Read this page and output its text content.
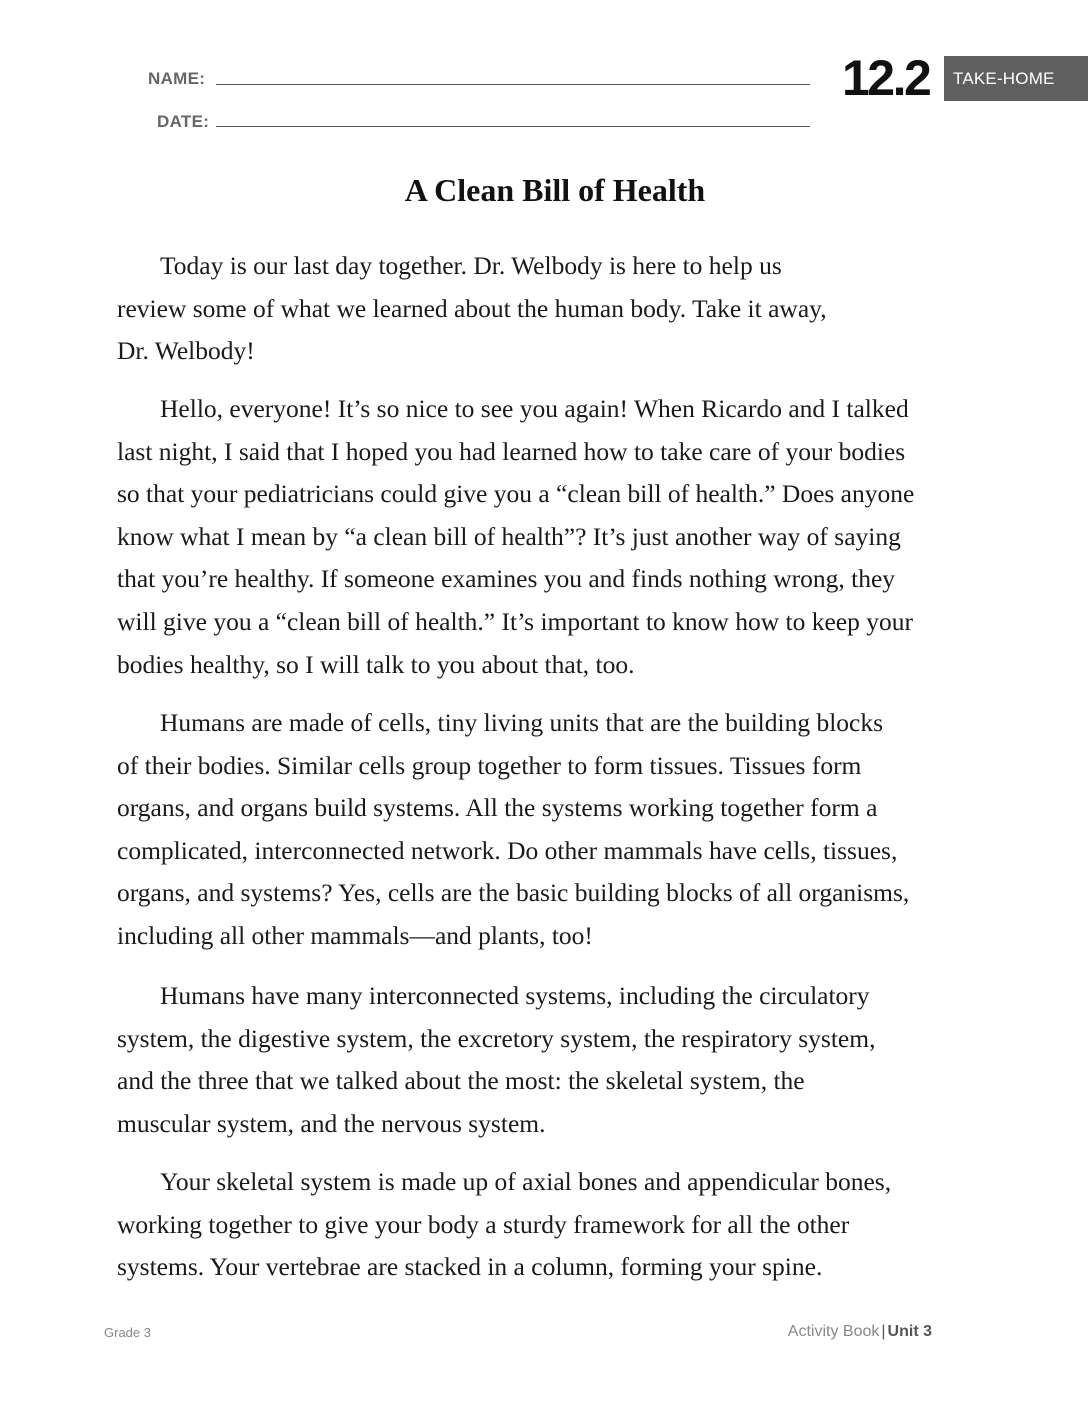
NAME:
DATE:
12.2	TAKE-HOME
A Clean Bill of Health

Today is our last day together. Dr. Welbody is here to help us
review some of what we learned about the human body. Take it away,
Dr. Welbody!

Hello, everyone! It’s so nice to see you again! When Ricardo and I talked
last night, I said that I hoped you had learned how to take care of your bodies
so that your pediatricians could give you a “clean bill of health.” Does anyone
know what I mean by “a clean bill of health”? It’s just another way of saying
that you’re healthy. If someone examines you and finds nothing wrong, they
will give you a “clean bill of health.” It’s important to know how to keep your
bodies healthy, so I will talk to you about that, too.

Humans are made of cells, tiny living units that are the building blocks
of their bodies. Similar cells group together to form tissues. Tissues form
organs, and organs build systems. All the systems working together form a
complicated, interconnected network. Do other mammals have cells, tissues,
organs, and systems? Yes, cells are the basic building blocks of all organisms,
including all other mammals—and plants, too!

Humans have many interconnected systems, including the circulatory
system, the digestive system, the excretory system, the respiratory system,
and the three that we talked about the most: the skeletal system, the
muscular system, and the nervous system.

Your skeletal system is made up of axial bones and appendicular bones,
working together to give your body a sturdy framework for all the other
systems. Your vertebrae are stacked in a column, forming your spine.

Grade 3	Activity Book | Unit 3
